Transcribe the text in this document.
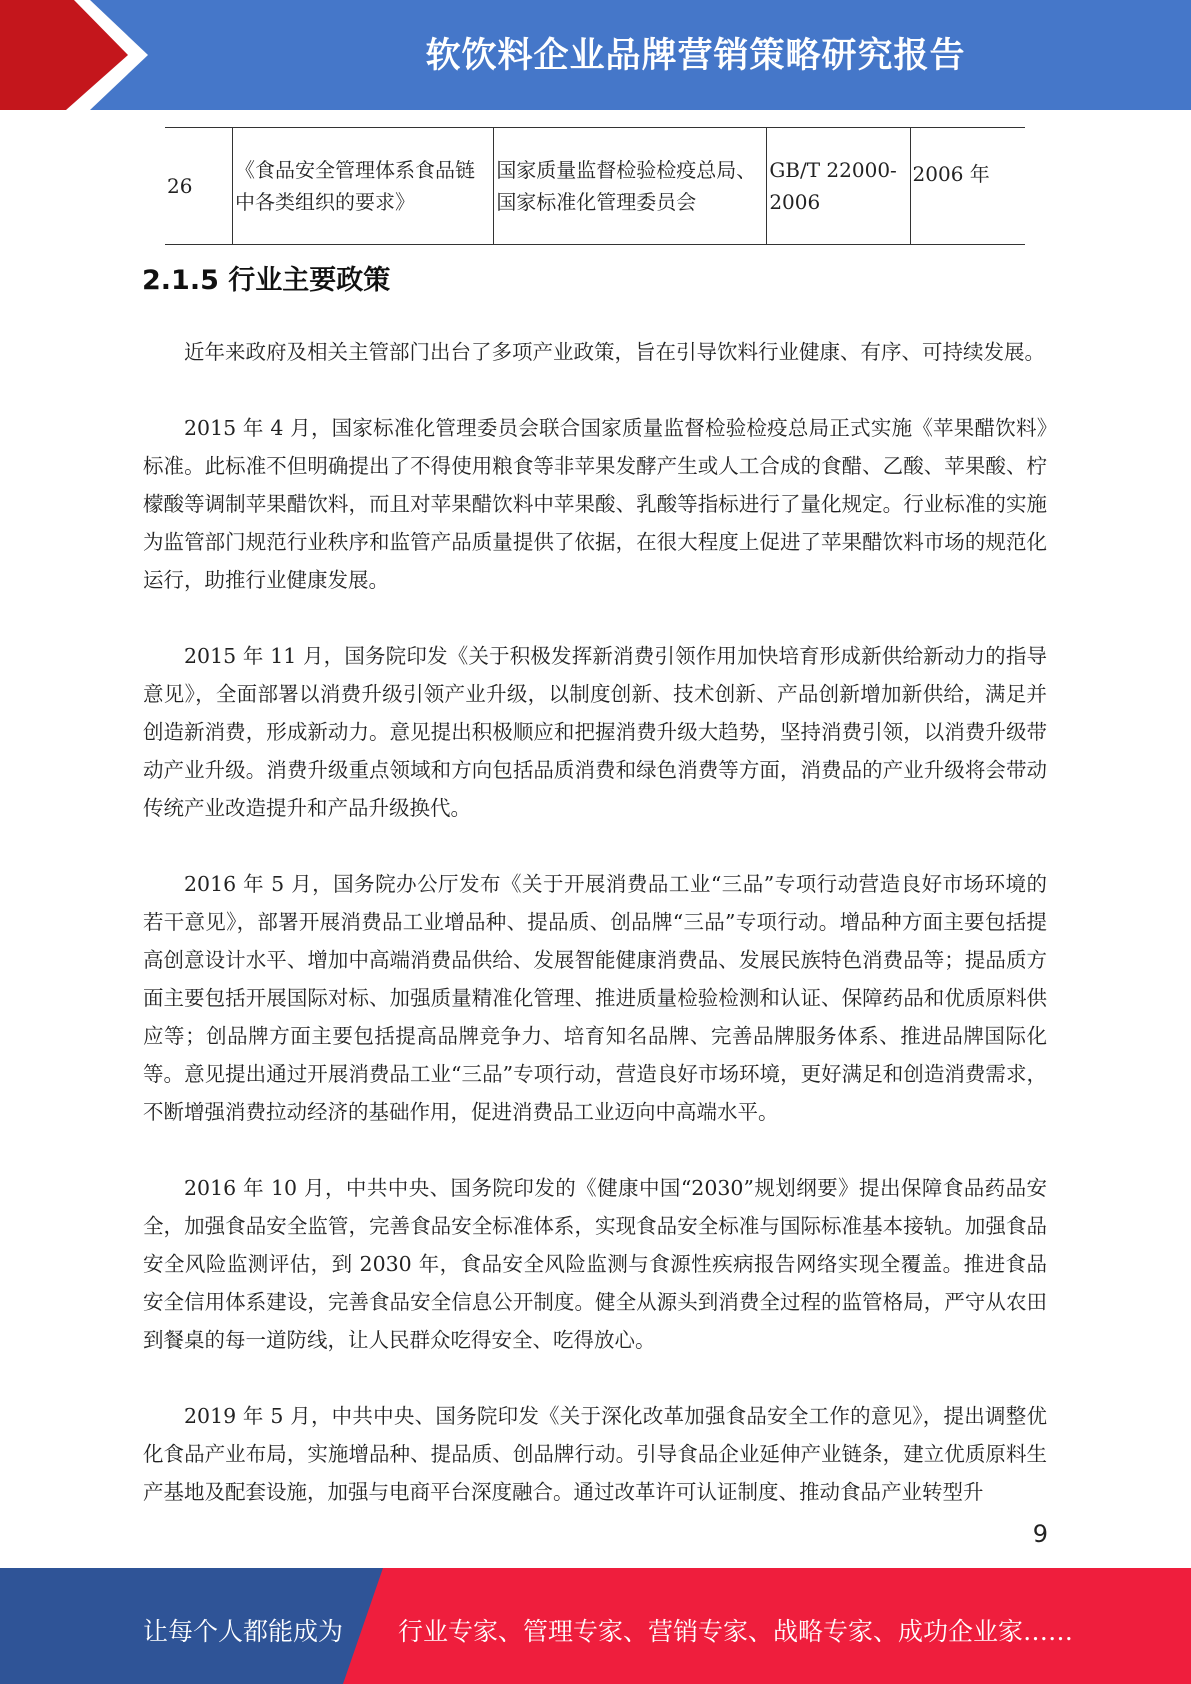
软饮料企业品牌营销策略研究报告
26	《食品安全管理体系食品链中各类组织的要求》	国家质量监督检验检疫总局、国家标准化管理委员会	GB/T 22000-2006	2006 年
2.1.5 行业主要政策

近年来政府及相关主管部门出台了多项产业政策，旨在引导饮料行业健康、有序、可持续发展。

2015 年 4 月，国家标准化管理委员会联合国家质量监督检验检疫总局正式实施《苹果醋饮料》标准。此标准不但明确提出了不得使用粮食等非苹果发酵产生或人工合成的食醋、乙酸、苹果酸、柠檬酸等调制苹果醋饮料，而且对苹果醋饮料中苹果酸、乳酸等指标进行了量化规定。行业标准的实施为监管部门规范行业秩序和监管产品质量提供了依据，在很大程度上促进了苹果醋饮料市场的规范化运行，助推行业健康发展。

2015 年 11 月，国务院印发《关于积极发挥新消费引领作用加快培育形成新供给新动力的指导意见》，全面部署以消费升级引领产业升级，以制度创新、技术创新、产品创新增加新供给，满足并创造新消费，形成新动力。意见提出积极顺应和把握消费升级大趋势，坚持消费引领，以消费升级带动产业升级。消费升级重点领域和方向包括品质消费和绿色消费等方面，消费品的产业升级将会带动传统产业改造提升和产品升级换代。

2016 年 5 月，国务院办公厅发布《关于开展消费品工业“三品”专项行动营造良好市场环境的若干意见》，部署开展消费品工业增品种、提品质、创品牌“三品”专项行动。增品种方面主要包括提高创意设计水平、增加中高端消费品供给、发展智能健康消费品、发展民族特色消费品等；提品质方面主要包括开展国际对标、加强质量精准化管理、推进质量检验检测和认证、保障药品和优质原料供应等；创品牌方面主要包括提高品牌竞争力、培育知名品牌、完善品牌服务体系、推进品牌国际化等。意见提出通过开展消费品工业“三品”专项行动，营造良好市场环境，更好满足和创造消费需求，不断增强消费拉动经济的基础作用，促进消费品工业迈向中高端水平。

2016 年 10 月，中共中央、国务院印发的《健康中国“2030”规划纲要》提出保障食品药品安全，加强食品安全监管，完善食品安全标准体系，实现食品安全标准与国际标准基本接轨。加强食品安全风险监测评估，到 2030 年，食品安全风险监测与食源性疾病报告网络实现全覆盖。推进食品安全信用体系建设，完善食品安全信息公开制度。健全从源头到消费全过程的监管格局，严守从农田到餐桌的每一道防线，让人民群众吃得安全、吃得放心。

2019 年 5 月，中共中央、国务院印发《关于深化改革加强食品安全工作的意见》，提出调整优化食品产业布局，实施增品种、提品质、创品牌行动。引导食品企业延伸产业链条，建立优质原料生产基地及配套设施，加强与电商平台深度融合。通过改革许可认证制度、推动食品产业转型升

9
让每个人都能成为 行业专家、管理专家、营销专家、战略专家、成功企业家……
